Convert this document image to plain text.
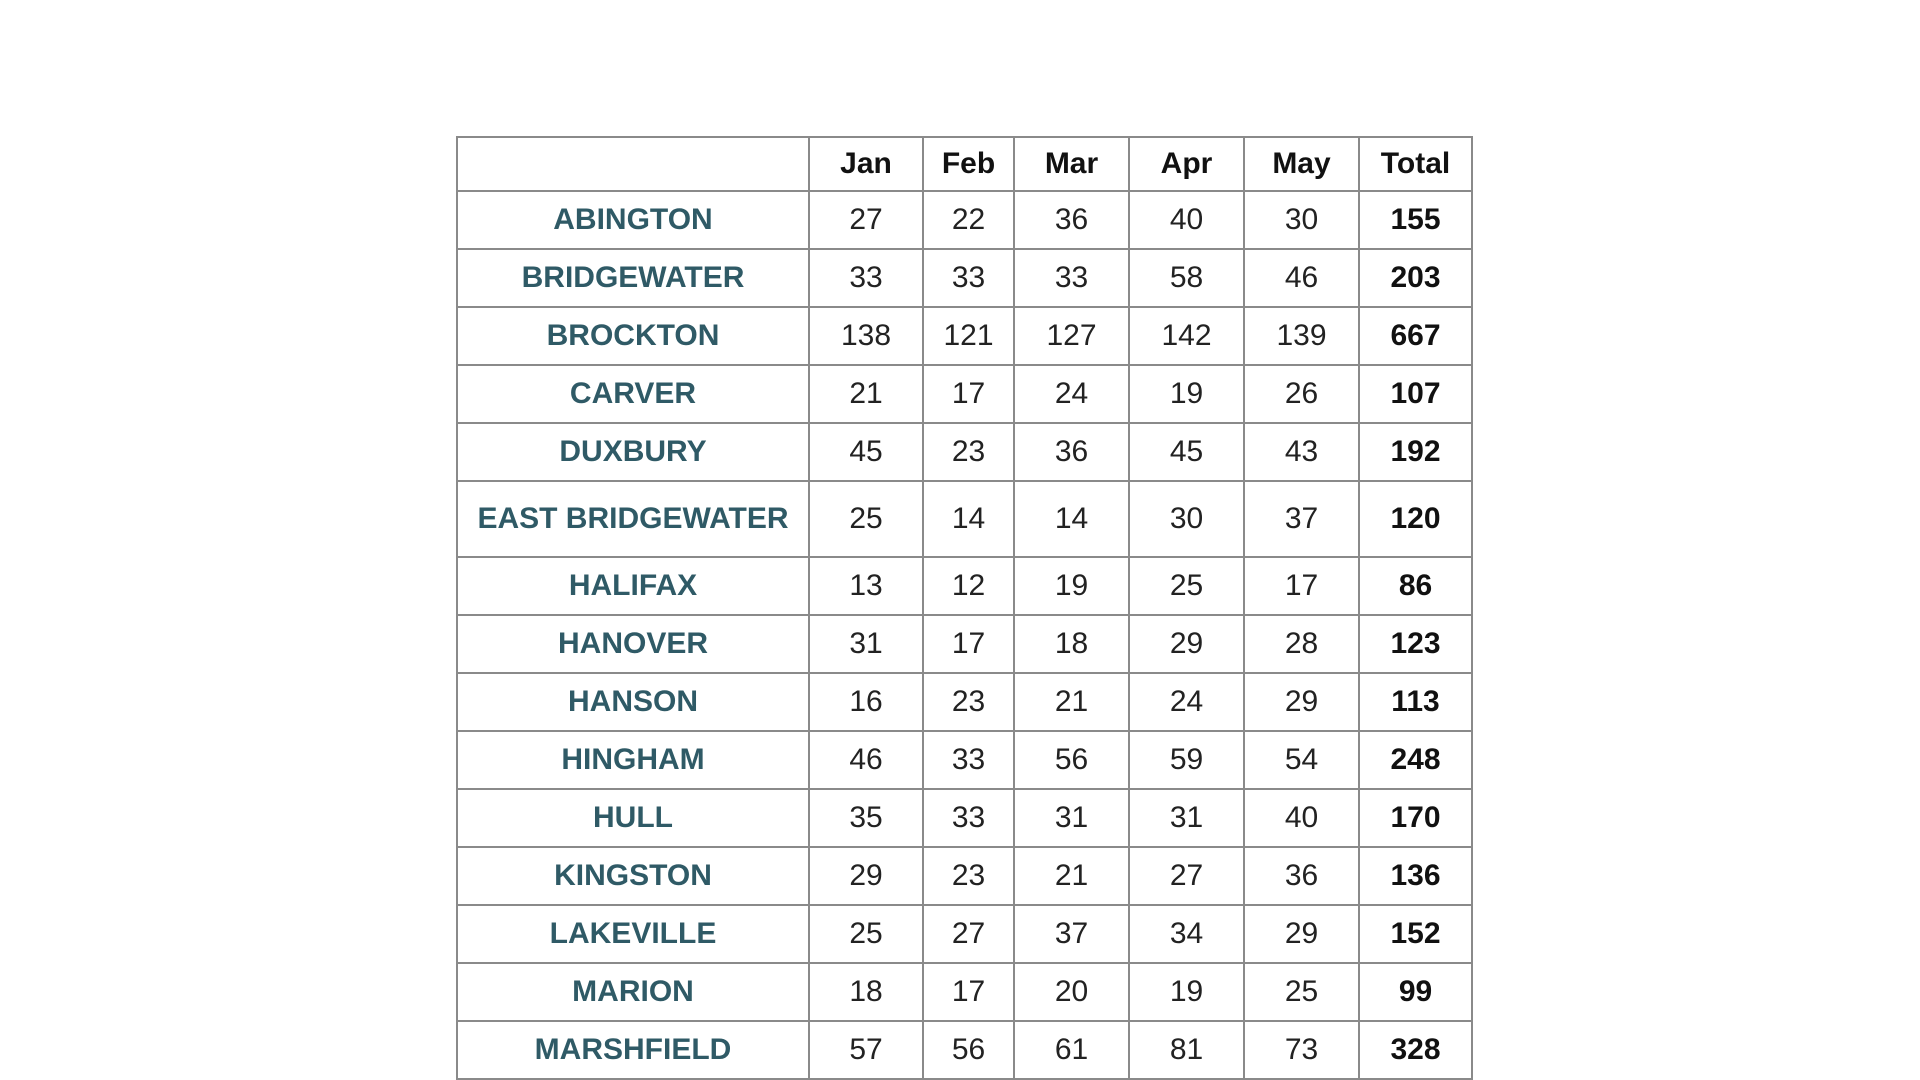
	Jan	Feb	Mar	Apr	May	Total
ABINGTON	27	22	36	40	30	155
BRIDGEWATER	33	33	33	58	46	203
BROCKTON	138	121	127	142	139	667
CARVER	21	17	24	19	26	107
DUXBURY	45	23	36	45	43	192
EAST BRIDGEWATER	25	14	14	30	37	120
HALIFAX	13	12	19	25	17	86
HANOVER	31	17	18	29	28	123
HANSON	16	23	21	24	29	113
HINGHAM	46	33	56	59	54	248
HULL	35	33	31	31	40	170
KINGSTON	29	23	21	27	36	136
LAKEVILLE	25	27	37	34	29	152
MARION	18	17	20	19	25	99
MARSHFIELD	57	56	61	81	73	328
